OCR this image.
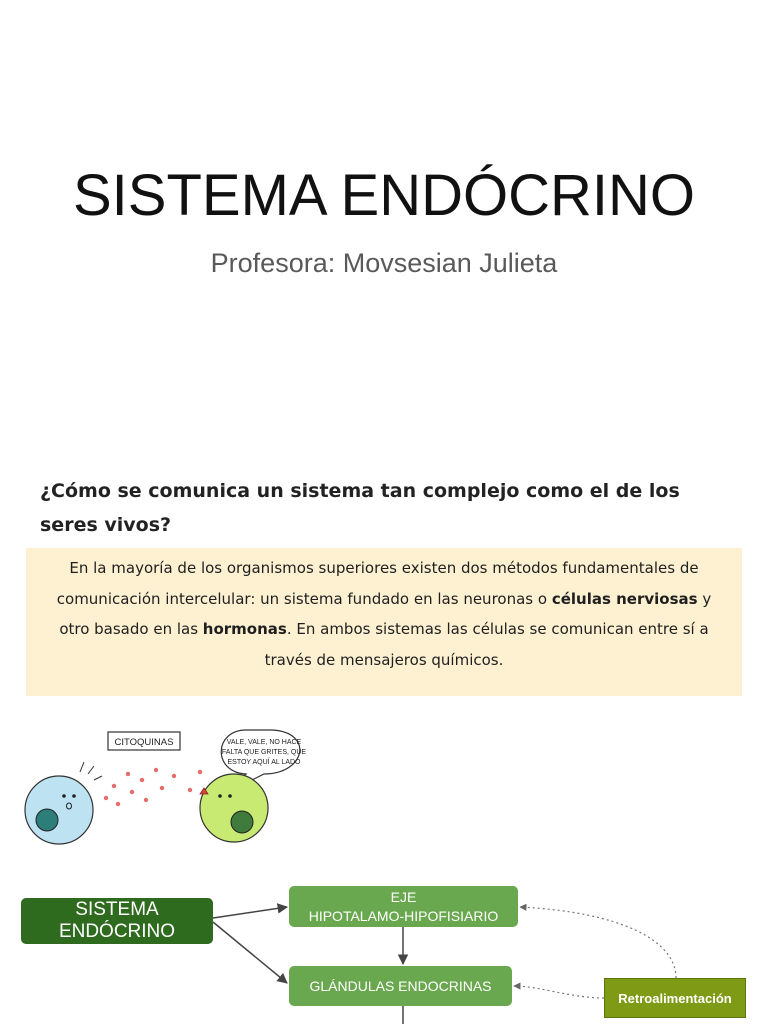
SISTEMA ENDÓCRINO
Profesora: Movsesian Julieta
¿Cómo se comunica un sistema tan complejo como el de los
seres vivos?
En la mayoría de los organismos superiores existen dos métodos fundamentales de comunicación intercelular: un sistema fundado en las neuronas o células nerviosas y otro basado en las hormonas. En ambos sistemas las células se comunican entre sí a través de mensajeros químicos.
CITOQUINAS	VALE, VALE, NO HACE
FALTA QUE GRITES, QUE
ESTOY AQUÍ AL LADO
SISTEMA
ENDÓCRINO
EJE
HIPOTALAMO-HIPOFISIARIO
GLÁNDULAS ENDOCRINAS
Retroalimentación
